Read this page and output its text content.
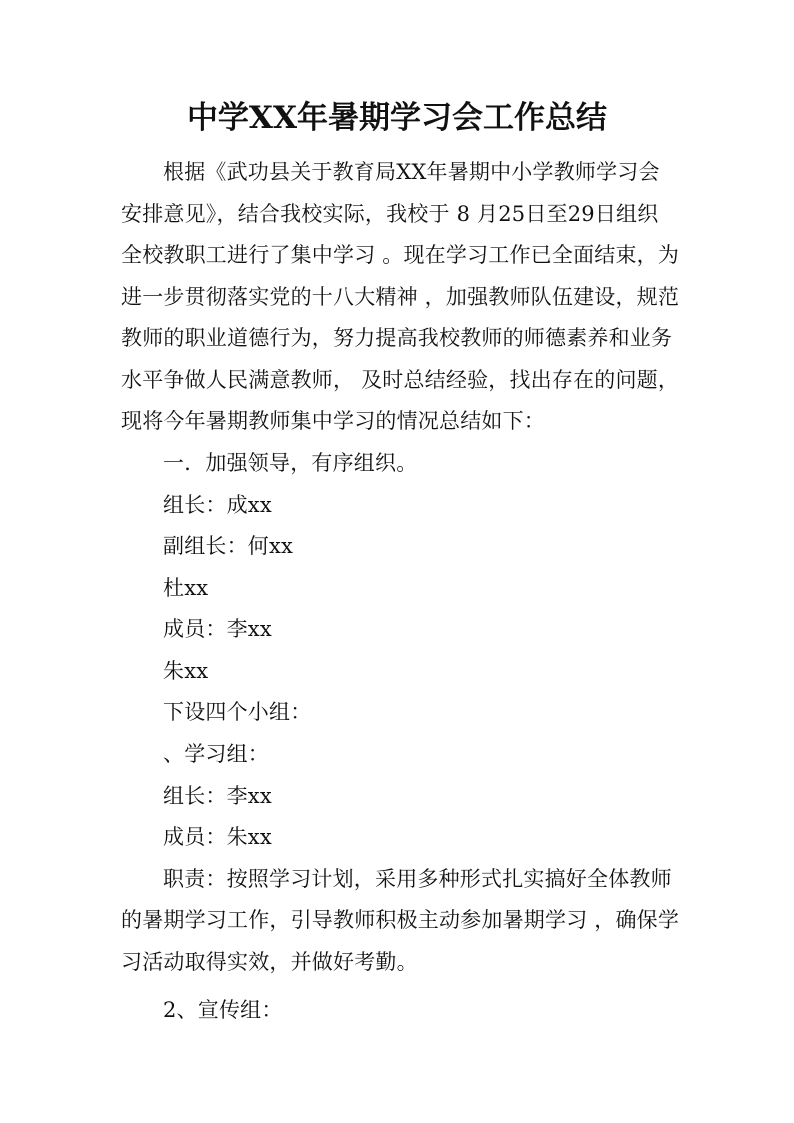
中学XX年暑期学习会工作总结
根据《武功县关于教育局XX年暑期中小学教师学习会
安排意见》，结合我校实际，我校于 8 月25日至29日组织
全校教职工进行了集中学习 。现在学习工作已全面结束，为
进一步贯彻落实党的十八大精神 ，加强教师队伍建设，规范
教师的职业道德行为，努力提高我校教师的师德素养和业务
水平争做人民满意教师， 及时总结经验，找出存在的问题，
现将今年暑期教师集中学习的情况总结如下：
一．加强领导，有序组织。
组长：成xx
副组长：何xx
杜xx
成员：李xx
朱xx
下设四个小组：
、学习组：
组长：李xx
成员：朱xx
职责：按照学习计划，采用多种形式扎实搞好全体教师
的暑期学习工作，引导教师积极主动参加暑期学习 ，确保学
习活动取得实效，并做好考勤。
2、宣传组：
